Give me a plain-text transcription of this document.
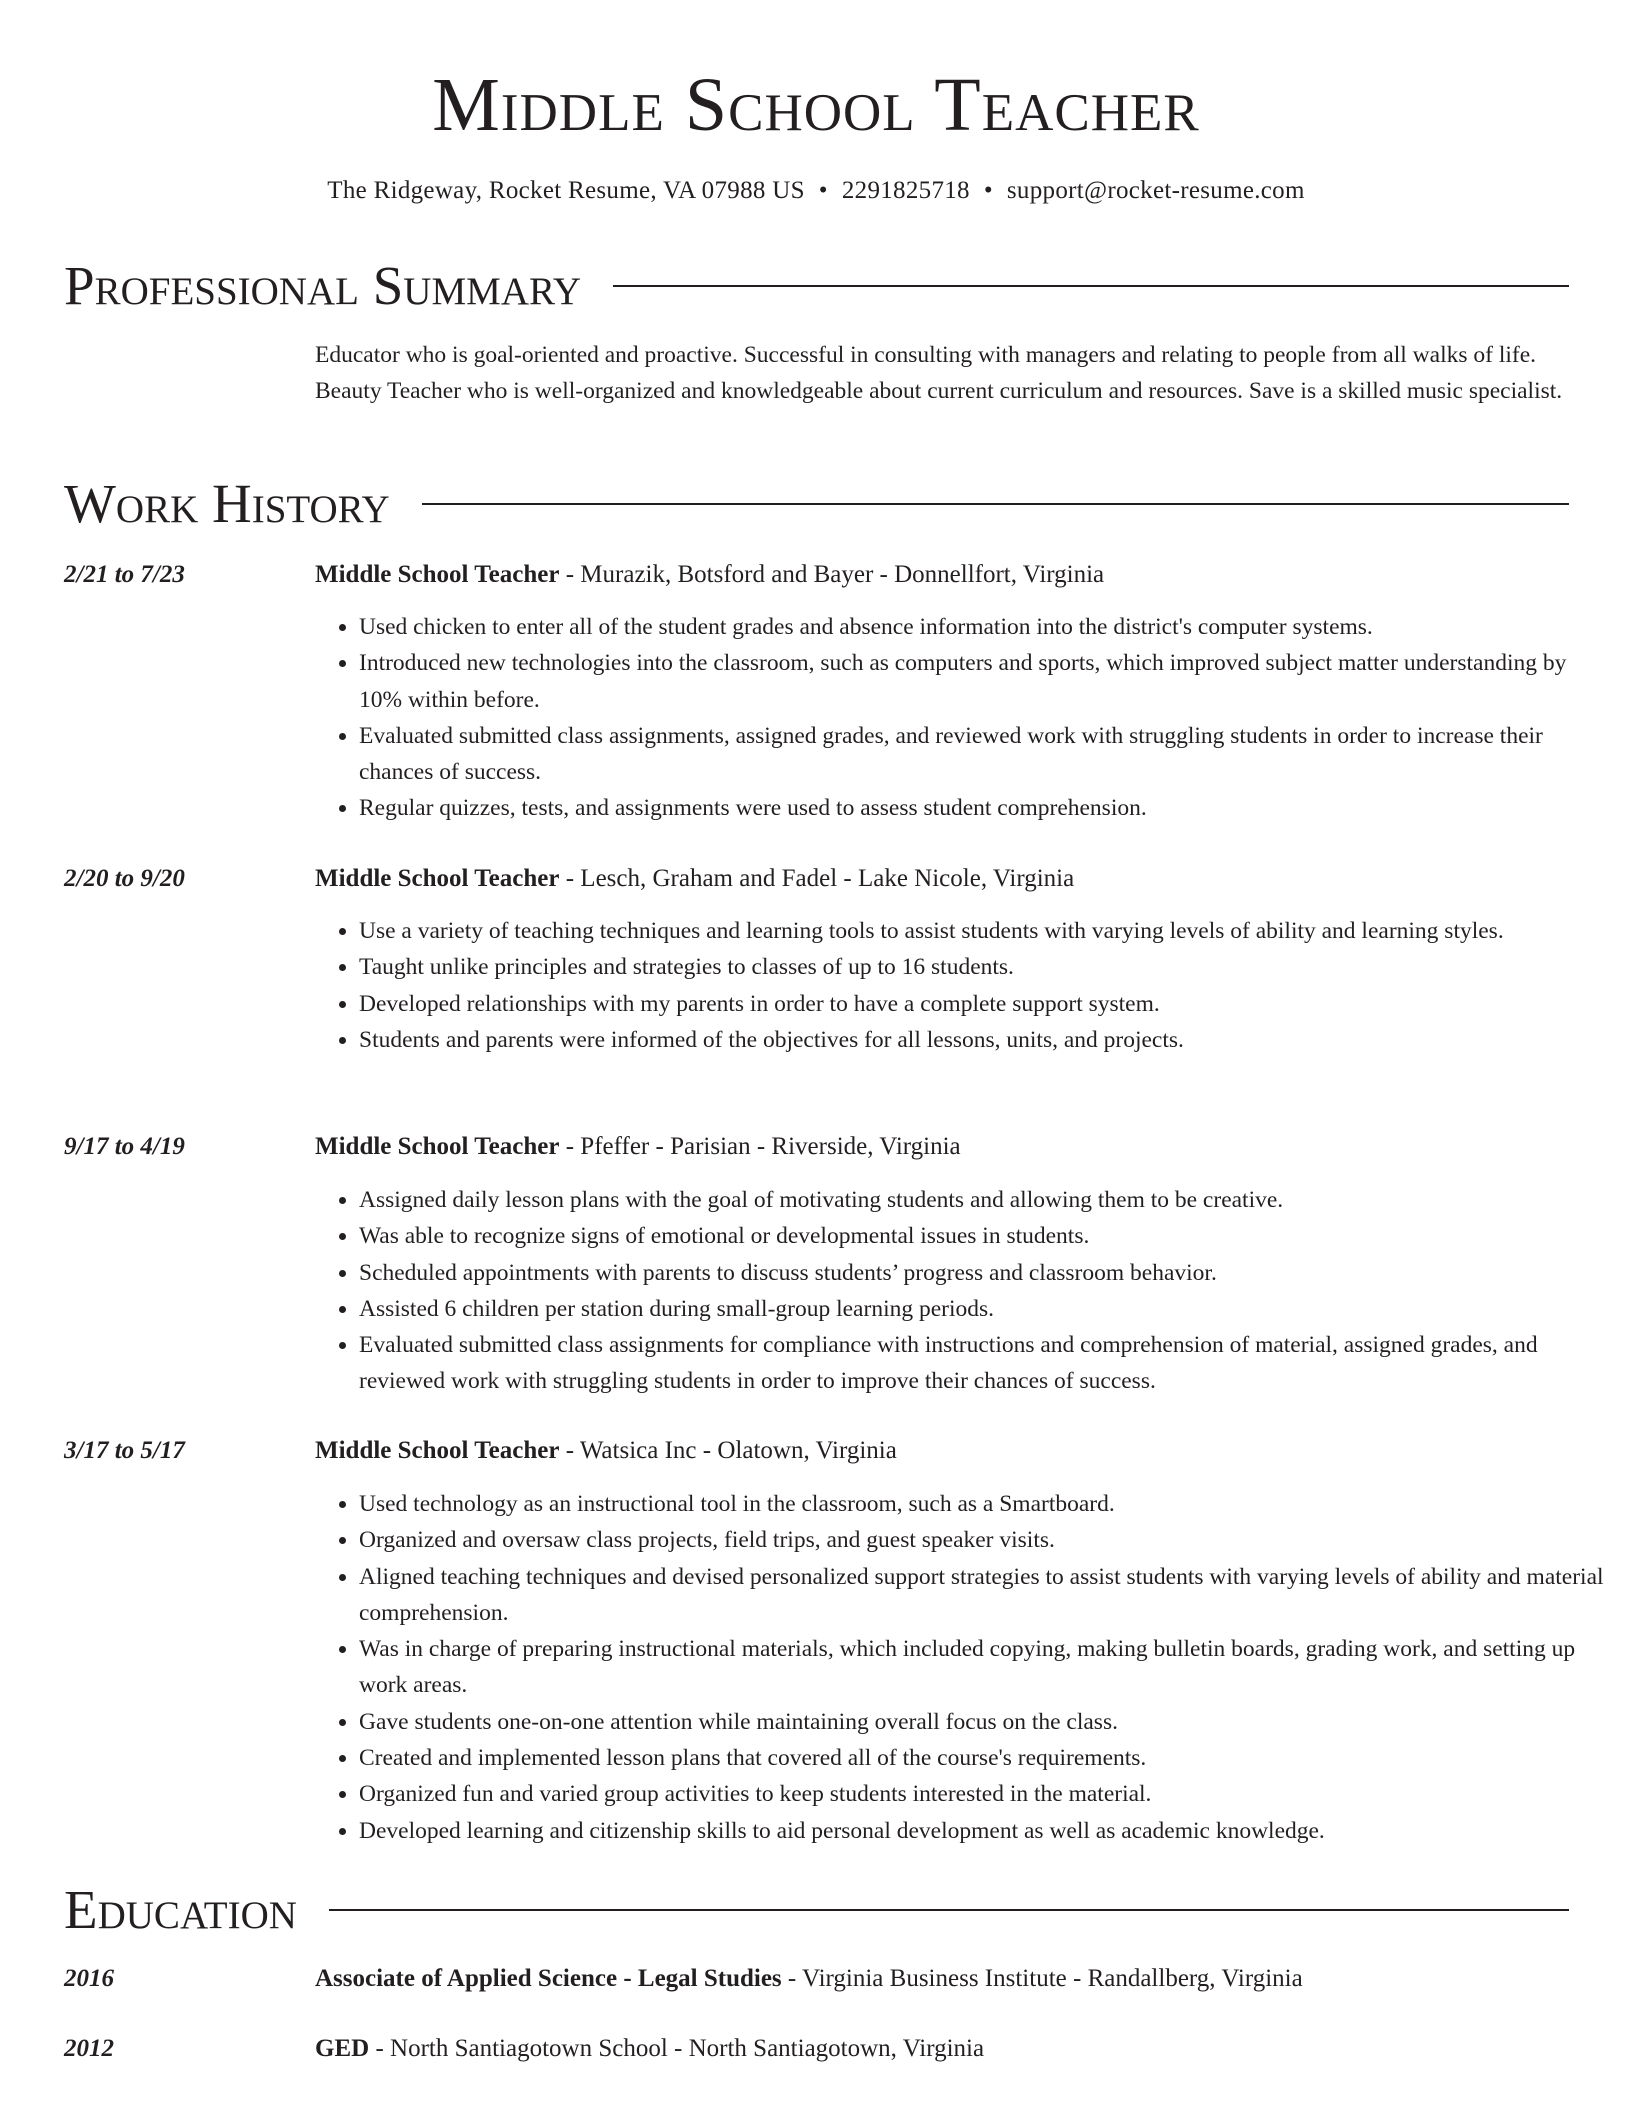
Middle School Teacher
The Ridgeway, Rocket Resume, VA 07988 US • 2291825718 • support@rocket-resume.com
Professional Summary

Educator who is goal-oriented and proactive. Successful in consulting with managers and relating to people from all walks of life. Beauty Teacher who is well-organized and knowledgeable about current curriculum and resources. Save is a skilled music specialist.

Work History
2/21 to 7/23	Middle School Teacher - Murazik, Botsford and Bayer - Donnellfort, Virginia
• Used chicken to enter all of the student grades and absence information into the district's computer systems.
• Introduced new technologies into the classroom, such as computers and sports, which improved subject matter understanding by 10% within before.
• Evaluated submitted class assignments, assigned grades, and reviewed work with struggling students in order to increase their chances of success.
• Regular quizzes, tests, and assignments were used to assess student comprehension.
2/20 to 9/20	Middle School Teacher - Lesch, Graham and Fadel - Lake Nicole, Virginia
• Use a variety of teaching techniques and learning tools to assist students with varying levels of ability and learning styles.
• Taught unlike principles and strategies to classes of up to 16 students.
• Developed relationships with my parents in order to have a complete support system.
• Students and parents were informed of the objectives for all lessons, units, and projects.
9/17 to 4/19	Middle School Teacher - Pfeffer - Parisian - Riverside, Virginia
• Assigned daily lesson plans with the goal of motivating students and allowing them to be creative.
• Was able to recognize signs of emotional or developmental issues in students.
• Scheduled appointments with parents to discuss students’ progress and classroom behavior.
• Assisted 6 children per station during small-group learning periods.
• Evaluated submitted class assignments for compliance with instructions and comprehension of material, assigned grades, and reviewed work with struggling students in order to improve their chances of success.
3/17 to 5/17	Middle School Teacher - Watsica Inc - Olatown, Virginia
• Used technology as an instructional tool in the classroom, such as a Smartboard.
• Organized and oversaw class projects, field trips, and guest speaker visits.
• Aligned teaching techniques and devised personalized support strategies to assist students with varying levels of ability and material comprehension.
• Was in charge of preparing instructional materials, which included copying, making bulletin boards, grading work, and setting up work areas.
• Gave students one-on-one attention while maintaining overall focus on the class.
• Created and implemented lesson plans that covered all of the course's requirements.
• Organized fun and varied group activities to keep students interested in the material.
• Developed learning and citizenship skills to aid personal development as well as academic knowledge.
Education
2016	Associate of Applied Science - Legal Studies - Virginia Business Institute - Randallberg, Virginia
2012	GED - North Santiagotown School - North Santiagotown, Virginia
